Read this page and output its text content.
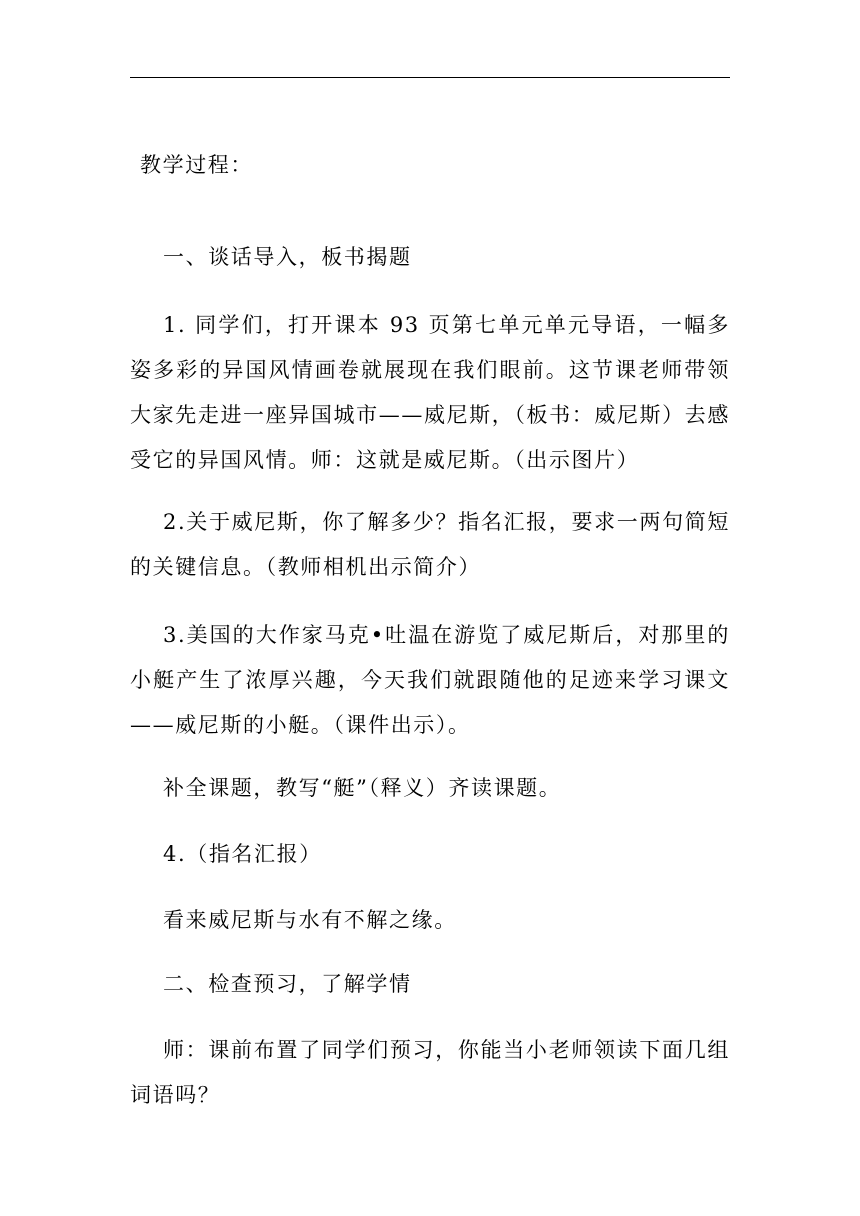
教学过程：
一、谈话导入，板书揭题
1. 同学们，打开课本 93 页第七单元单元导语，一幅多姿多彩的异国风情画卷就展现在我们眼前。这节课老师带领大家先走进一座异国城市——威尼斯，（板书：威尼斯）去感受它的异国风情。师：这就是威尼斯。（出示图片）
2.关于威尼斯，你了解多少？指名汇报，要求一两句简短的关键信息。（教师相机出示简介）
3.美国的大作家马克•吐温在游览了威尼斯后，对那里的小艇产生了浓厚兴趣，今天我们就跟随他的足迹来学习课文——威尼斯的小艇。（课件出示）。
补全课题，教写“艇”（释义）齐读课题。
4.（指名汇报）
看来威尼斯与水有不解之缘。
二、检查预习，了解学情
师：课前布置了同学们预习，你能当小老师领读下面几组词语吗？
